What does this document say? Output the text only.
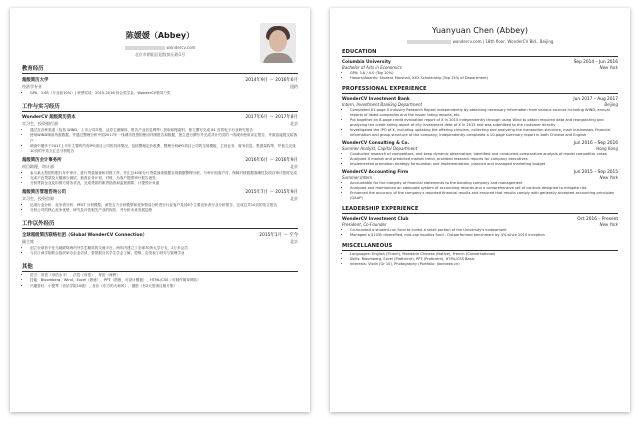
陈媛媛（Abbey）
wondercv.com
北京市朝阳区超级简历路1号
教育经历
超级简历大学	2014年9月 ～ 2016年6月
经济学专业	纽约
• GPA：3.65（专业前10%）| 荣誉奖项：2015-2016 综合奖学金、WonderCV领导力奖
工作与实习经历
WonderCV 超级简历资本	2017年6月 ～ 2017年8月
实习生，投资银行部	北京
• 通过在各种渠道（包括 WIND、上市公司年报、证券主流媒体、报告产业信息网等）获取和搜索料，独立撰写完成 61 页的电子行业研究报告
• 使用WIND调用所需数据，并通过整理分析中国2017年一线城市投资的使用详细报告和数据，独立进行撰写并完成共计约页的一线城市使用评定报告，并被直接提交给客户
• 调查中期多于2017上半年主要的约有IPO项目公司的具体情况，包括整理定价收费、整理分析IPO项目公司的交易模板、主营业务、财务信息、集团架构等，并独立完成10页的中英文汇总分析报告
超级简历会计事务所	2016年6月 ～ 2016年9月
项目助理，审计部	北京
• 参与某大型国有银行年中审计，进行贷款抽查和对账工作，并汇总40家分行贷款抽查数据实现数据整理分析，与审计组客户对，保障对账数据准确性及项目审计按时完成
• 完成不良贷款及大额减少测试，抽查业务计划，对账，为客户提供审计报告意见
• 分析贷款企业及担保方财务状况，完成贷款的职责抽查和监督测算，计提预计负债
超级简历管理咨询公司	2015年7月 ～ 2015年9月
实习生，投资咨询	北京
• 运用行业分析、竞争者分析、PEST 分析模型，深挖五力分析模型和竞争格局分析进行行业客户及其6个主要竞争者行业分析报告，完成总共10页的英文报告
• 分析公司的核心竞争优势，研究及评估相关产业的现状，并分析未来发展趋势
工作以外经历
全球超级简历联络社团（Global WonderCV Connection）	2015年1月 ～ 至今
副主席	北京
• 创立全球首个在当地联络海内外学生精英的交流平台，两年内建立了全球70所大学分支，2万多会员
• 与长江商学院联合组织举办企业访谈，带领数百名学生学会了解，思维，由发表了研究与管理学业
其他
• 语言：英语（母语水平）、法语（母语）、粤语（流利）
• 技能：Bloomberg、Wind、Excel（熟练）、PPT（熟练，可设计模板）、HTML/CSS（可制作简单网站）
• 兴趣爱好：小提琴（音乐学院10级）、音乐（东方的大师风）、摄影（有2大型项目照片集）
Yuanyuan Chen (Abbey)
wondercv.com | 18th floor, WonderCV Bld., Beijing
EDUCATION
Columbia University	Sep 2014 – Jun 2016
Bachelor of Arts in Economics	New York
• GPA: 3.8 / 4.0 (Top 10%)
• Honors/Awards: Student Marshall, XXX Scholarship (Top 15% of Department)
PROFESSIONAL EXPERIENCE
WonderCV Investment Bank	Jun 2017 – Aug 2017
Intern, Investment Banking Department	Beijing
• Completed 61-page X Industry Research Report independently by obtaining necessary information from various sources including WIND, annual reports of listed companies and the issuer rating reports, etc.
• Put together an 8-page credit evaluation report of X in 2015 independently through using Wind to obtain required data and reorganizing and analyzing the credit rating report of city investment debt of X in 2015 and was submitted to the customer directly
• Investigated the IPO of X, including updating the offering circulars, collecting and analyzing the transaction structure, main businesses, financial information and group structure of the company; independently completed a 10-page summary report in both Chinese and English
WonderCV Consulting & Co.	Jun 2016 – Sep 2016
Summer Analyst, Capital Department	Hong Kong
• Conducted research of competitors, and keep dynamic observation; identified and conducted comparative analysis of model competitor cases
• Analyzed X market and predicted market trend, provided research reports for company executives
• Implemented promotion strategy formulation and implementation, planned and managed marketing budget
WonderCV Accounting Firm	Jun 2015 – Sep 2015
Summer Intern	New York
• Accountable for the integrity of financial statements to the bonding company and management
• Analyzed and maintained an adequate system of accounting records and a comprehensive set of controls designed to mitigate risk
• Enhanced the accuracy of the company's reported financial results and ensured that results comply with generally accepted accounting principles (GAAP)
LEADERSHIP EXPERIENCE
WonderCV Investment Club	Oct 2016 – Present
President, Co-Founder	New York
• Co-founded a student-run fund to invest a small portion of the University's endowment
• Managed a $105k diversified, mid-cap equities fund - Outperformed benchmark by 4% since 2010 inception
MISCELLANEOUS
• Languages: English (Fluent), Mandarin Chinese (Native), French (Conversational)
• Skills: Bloomberg, Excel (Proficient), PPT (Proficient), HTML/CSS Basic
• Interests: Violin (Gr 10), Photography (Portfolio: jianhieke.cn)
